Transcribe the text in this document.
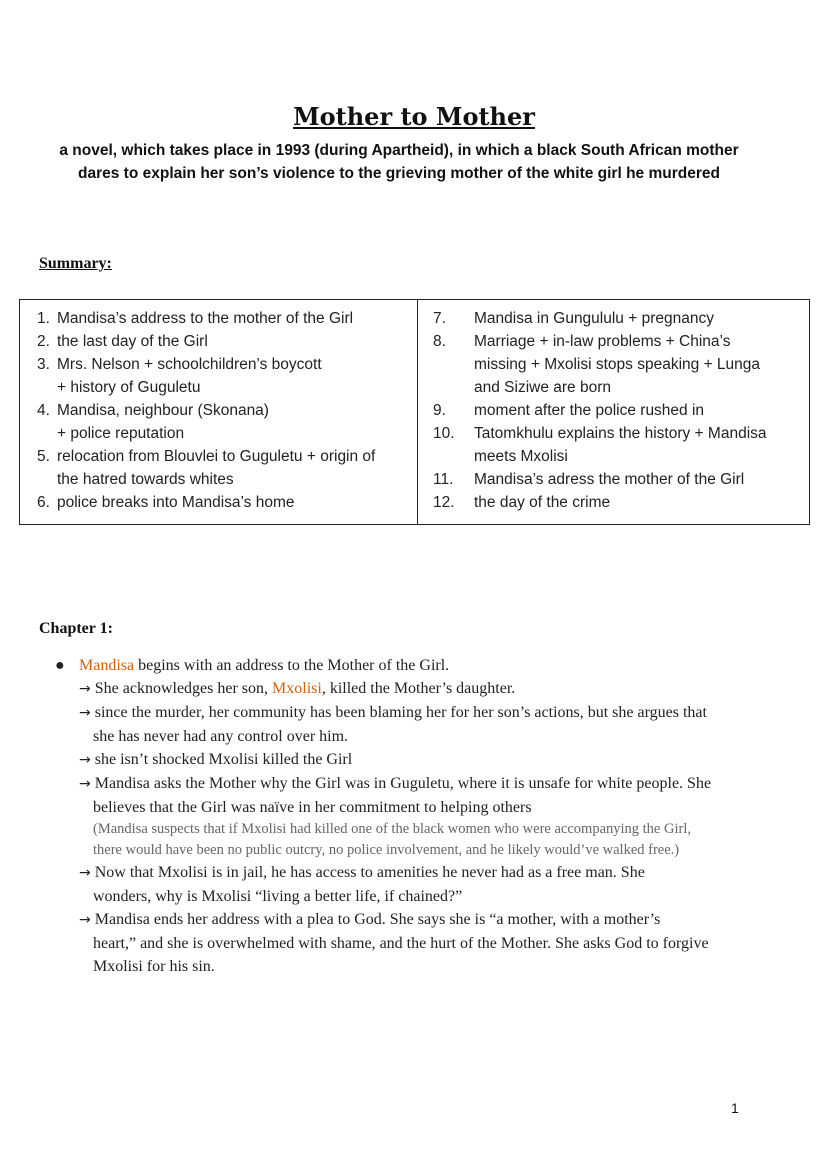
Mother to Mother
a novel, which takes place in 1993 (during Apartheid), in which a black South African mother dares to explain her son’s violence to the grieving mother of the white girl he murdered
Summary:
1. Mandisa’s address to the mother of the Girl
2. the last day of the Girl
3. Mrs. Nelson + schoolchildren’s boycott
+ history of Guguletu
4. Mandisa, neighbour (Skonana)
+ police reputation
5. relocation from Blouvlei to Guguletu + origin of
the hatred towards whites
6. police breaks into Mandisa’s home
7.	Mandisa in Gungululu + pregnancy
8.	Marriage + in-law problems + China’s
missing + Mxolisi stops speaking + Lunga
and Siziwe are born
9.	moment after the police rushed in
10.	Tatomkhulu explains the history + Mandisa
meets Mxolisi
11.	Mandisa’s adress the mother of the Girl
12.	the day of the crime
Chapter 1:
● Mandisa begins with an address to the Mother of the Girl.
→ She acknowledges her son, Mxolisi, killed the Mother’s daughter.
→ since the murder, her community has been blaming her for her son’s actions, but she argues that
she has never had any control over him.
→ she isn’t shocked Mxolisi killed the Girl
→ Mandisa asks the Mother why the Girl was in Guguletu, where it is unsafe for white people. She
believes that the Girl was naïve in her commitment to helping others
(Mandisa suspects that if Mxolisi had killed one of the black women who were accompanying the Girl,
there would have been no public outcry, no police involvement, and he likely would’ve walked free.)
→ Now that Mxolisi is in jail, he has access to amenities he never had as a free man. She
wonders, why is Mxolisi “living a better life, if chained?”
→ Mandisa ends her address with a plea to God. She says she is “a mother, with a mother’s
heart,” and she is overwhelmed with shame, and the hurt of the Mother. She asks God to forgive
Mxolisi for his sin.
1
